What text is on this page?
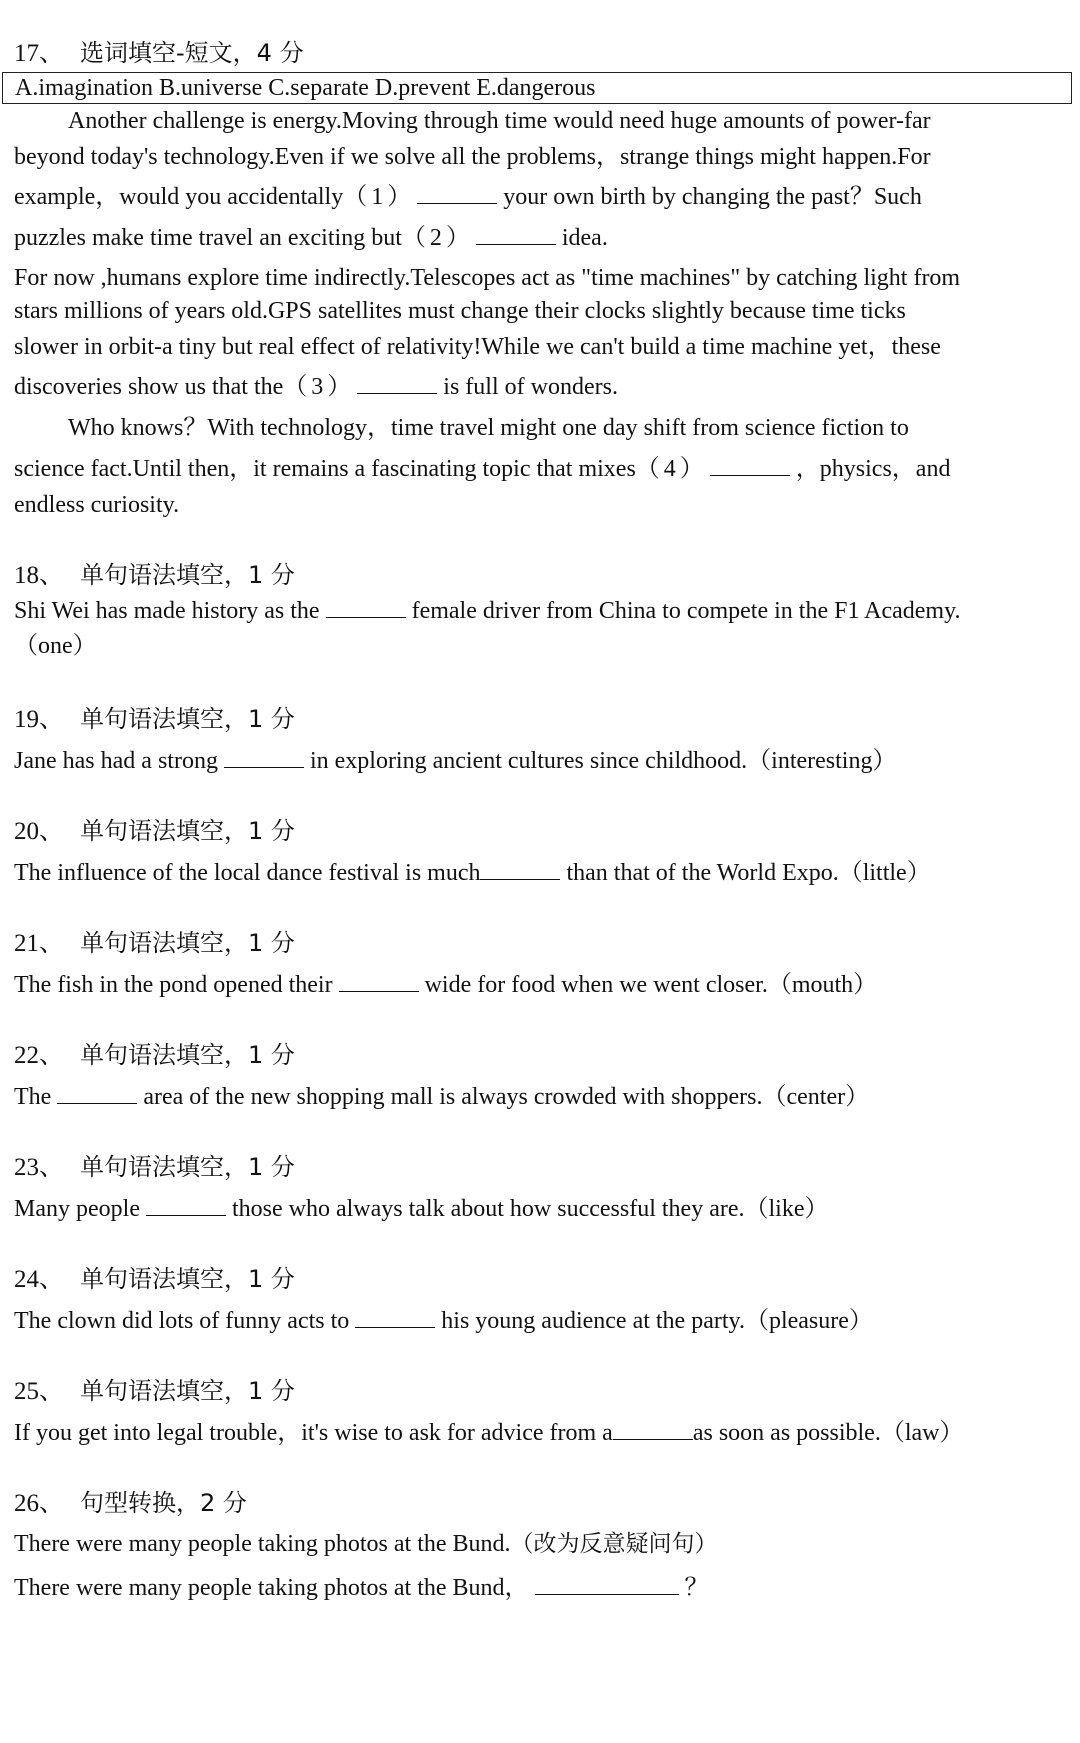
17、 选词填空-短文，4 分

A.imagination B.universe C.separate D.prevent E.dangerous
Another challenge is energy.Moving through time would need huge amounts of power-far
beyond today's technology.Even if we solve all the problems，strange things might happen.For
example，would you accidentally（ 1 ）	your own birth by changing the past？Such
puzzles make time travel an exciting but（ 2 ）	idea.
For now ,humans explore time indirectly.Telescopes act as "time machines" by catching light from
stars millions of years old.GPS satellites must change their clocks slightly because time ticks
slower in orbit-a tiny but real effect of relativity!While we can't build a time machine yet，these
discoveries show us that the（ 3 ）	is full of wonders.
Who knows？With technology，time travel might one day shift from science fiction to
science fact.Until then，it remains a fascinating topic that mixes（ 4 ）	，physics，and
endless curiosity.

18、 单句语法填空，1 分

Shi Wei has made history as the	female driver from China to compete in the F1 Academy.

（one）

19、 单句语法填空，1 分

Jane has had a strong	in exploring ancient cultures since childhood.（interesting）

20、 单句语法填空，1 分

The influence of the local dance festival is much	than that of the World Expo.（little）

21、 单句语法填空，1 分

The fish in the pond opened their	wide for food when we went closer.（mouth）

22、 单句语法填空，1 分

The	area of the new shopping mall is always crowded with shoppers.（center）

23、 单句语法填空，1 分

Many people	those who always talk about how successful they are.（like）

24、 单句语法填空，1 分

The clown did lots of funny acts to	his young audience at the party.（pleasure）

25、 单句语法填空，1 分

If you get into legal trouble，it's wise to ask for advice from a	as soon as possible.（law）

26、 句型转换，2 分

There were many people taking photos at the Bund.（改为反意疑问句）

There were many people taking photos at the Bund，	？
